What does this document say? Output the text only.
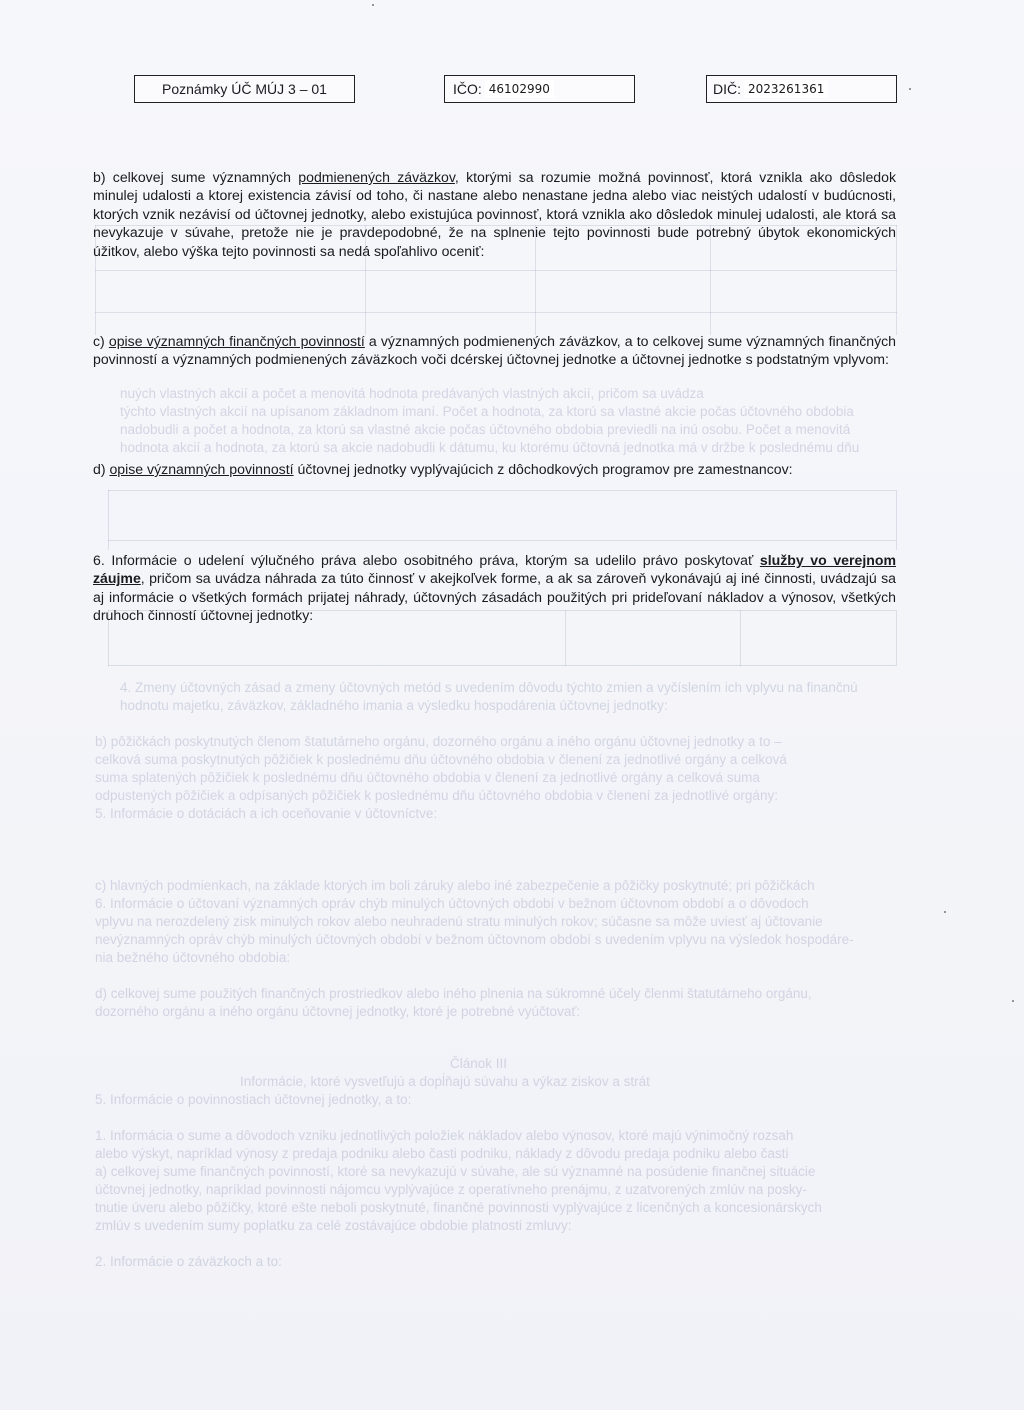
nuých vlastných akcií a počet a menovitá hodnota predávaných vlastných akcií, pričom sa uvádza
týchto vlastných akcií na upísanom základnom imaní. Počet a hodnota, za ktorú sa vlastné akcie počas účtovného obdobia
nadobudli a počet a hodnota, za ktorú sa vlastné akcie počas účtovného obdobia previedli na inú osobu. Počet a menovitá
hodnota akcií a hodnota, za ktorú sa akcie nadobudli k dátumu, ku ktorému účtovná jednotka má v držbe k poslednému dňu
4. Zmeny účtovných zásad a zmeny účtovných metód s uvedením dôvodu týchto zmien a vyčíslením ich vplyvu na finančnú
hodnotu majetku, záväzkov, základného imania a výsledku hospodárenia účtovnej jednotky:
b) pôžičkách poskytnutých členom štatutárneho orgánu, dozorného orgánu a iného orgánu účtovnej jednotky a to –
celková suma poskytnutých pôžičiek k poslednému dňu účtovného obdobia v členení za jednotlivé orgány a celková
suma splatených pôžičiek k poslednému dňu účtovného obdobia v členení za jednotlivé orgány a celková suma
odpustených pôžičiek a odpísaných pôžičiek k poslednému dňu účtovného obdobia v členení za jednotlivé orgány:
5. Informácie o dotáciách a ich oceňovanie v účtovníctve:
c) hlavných podmienkach, na základe ktorých im boli záruky alebo iné zabezpečenie a pôžičky poskytnuté; pri pôžičkách
6. Informácie o účtovaní významných opráv chýb minulých účtovných období v bežnom účtovnom období a o dôvodoch
vplyvu na nerozdelený zisk minulých rokov alebo neuhradenú stratu minulých rokov; súčasne sa môže uviesť aj účtovanie
nevýznamných opráv chýb minulých účtovných období v bežnom účtovnom období s uvedením vplyvu na výsledok hospodáre-
nia bežného účtovného obdobia:
d) celkovej sume použitých finančných prostriedkov alebo iného plnenia na súkromné účely členmi štatutárneho orgánu,
dozorného orgánu a iného orgánu účtovnej jednotky, ktoré je potrebné vyúčtovať:
Článok III
Informácie, ktoré vysvetľujú a dopĺňajú súvahu a výkaz ziskov a strát
5. Informácie o povinnostiach účtovnej jednotky, a to:
1. Informácia o sume a dôvodoch vzniku jednotlivých položiek nákladov alebo výnosov, ktoré majú výnimočný rozsah
alebo výskyt, napríklad výnosy z predaja podniku alebo časti podniku, náklady z dôvodu predaja podniku alebo časti
a) celkovej sume finančných povinností, ktoré sa nevykazujú v súvahe, ale sú významné na posúdenie finančnej situácie
účtovnej jednotky, napríklad povinnosti nájomcu vyplývajúce z operatívneho prenájmu, z uzatvorených zmlúv na posky-
tnutie úveru alebo pôžičky, ktoré ešte neboli poskytnuté, finančné povinnosti vyplývajúce z licenčných a koncesionárskych
zmlúv s uvedením sumy poplatku za celé zostávajúce obdobie platnosti zmluvy:
2. Informácie o záväzkoch a to:
Poznámky ÚČ MÚJ 3 – 01	IČO: 46102990	DIČ: 2023261361
b) celkovej sume významných podmienených záväzkov, ktorými sa rozumie možná povinnosť, ktorá vznikla ako dôsledok minulej udalosti a ktorej existencia závisí od toho, či nastane alebo nenastane jedna alebo viac neistých udalostí v budúcnosti, ktorých vznik nezávisí od účtovnej jednotky, alebo existujúca povinnosť, ktorá vznikla ako dôsledok minulej udalosti, ale ktorá sa nevykazuje v súvahe, pretože nie je pravdepodobné, že na splnenie tejto povinnosti bude potrebný úbytok ekonomických úžitkov, alebo výška tejto povinnosti sa nedá spoľahlivo oceniť:
c) opise významných finančných povinností a významných podmienených záväzkov, a to celkovej sume významných finančných povinností a významných podmienených záväzkoch voči dcérskej účtovnej jednotke a účtovnej jednotke s podstatným vplyvom:
d) opise významných povinností účtovnej jednotky vyplývajúcich z dôchodkových programov pre zamestnancov:
6. Informácie o udelení výlučného práva alebo osobitného práva, ktorým sa udelilo právo poskytovať služby vo verejnom záujme, pričom sa uvádza náhrada za túto činnosť v akejkoľvek forme, a ak sa zároveň vykonávajú aj iné činnosti, uvádzajú sa aj informácie o všetkých formách prijatej náhrady, účtovných zásadách použitých pri prideľovaní nákladov a výnosov, všetkých druhoch činností účtovnej jednotky:
